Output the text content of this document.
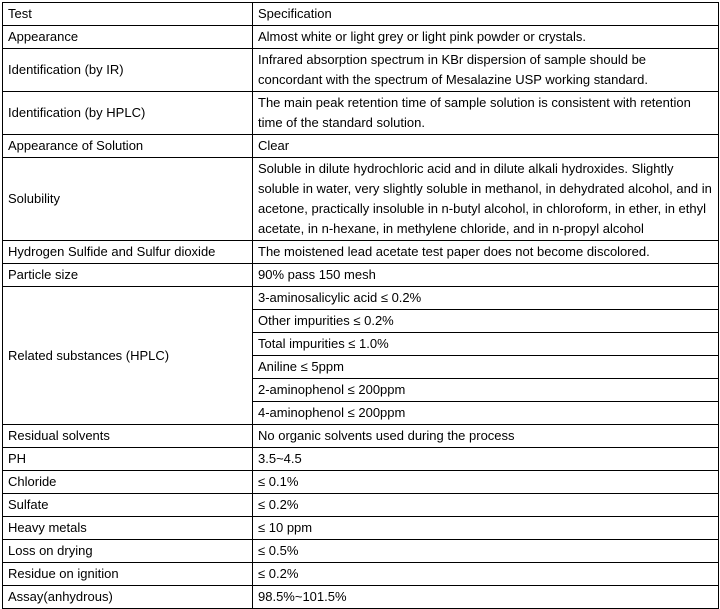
Test	Specification
Appearance	Almost white or light grey or light pink powder or crystals.
Identification (by IR)	Infrared absorption spectrum in KBr dispersion of sample should be concordant with the spectrum of Mesalazine USP working standard.
Identification (by HPLC)	The main peak retention time of sample solution is consistent with retention time of the standard solution.
Appearance of Solution	Clear
Solubility	Soluble in dilute hydrochloric acid and in dilute alkali hydroxides. Slightly soluble in water, very slightly soluble in methanol, in dehydrated alcohol, and in acetone, practically insoluble in n-butyl alcohol, in chloroform, in ether, in ethyl acetate, in n-hexane, in methylene chloride, and in n-propyl alcohol
Hydrogen Sulfide and Sulfur dioxide	The moistened lead acetate test paper does not become discolored.
Particle size	90% pass 150 mesh
Related substances (HPLC)	3-aminosalicylic acid ≤ 0.2%
	Other impurities ≤ 0.2%
	Total impurities ≤ 1.0%
	Aniline ≤ 5ppm
	2-aminophenol ≤ 200ppm
	4-aminophenol ≤ 200ppm
Residual solvents	No organic solvents used during the process
PH	3.5~4.5
Chloride	≤ 0.1%
Sulfate	≤ 0.2%
Heavy metals	≤ 10 ppm
Loss on drying	≤ 0.5%
Residue on ignition	≤ 0.2%
Assay(anhydrous)	98.5%~101.5%
